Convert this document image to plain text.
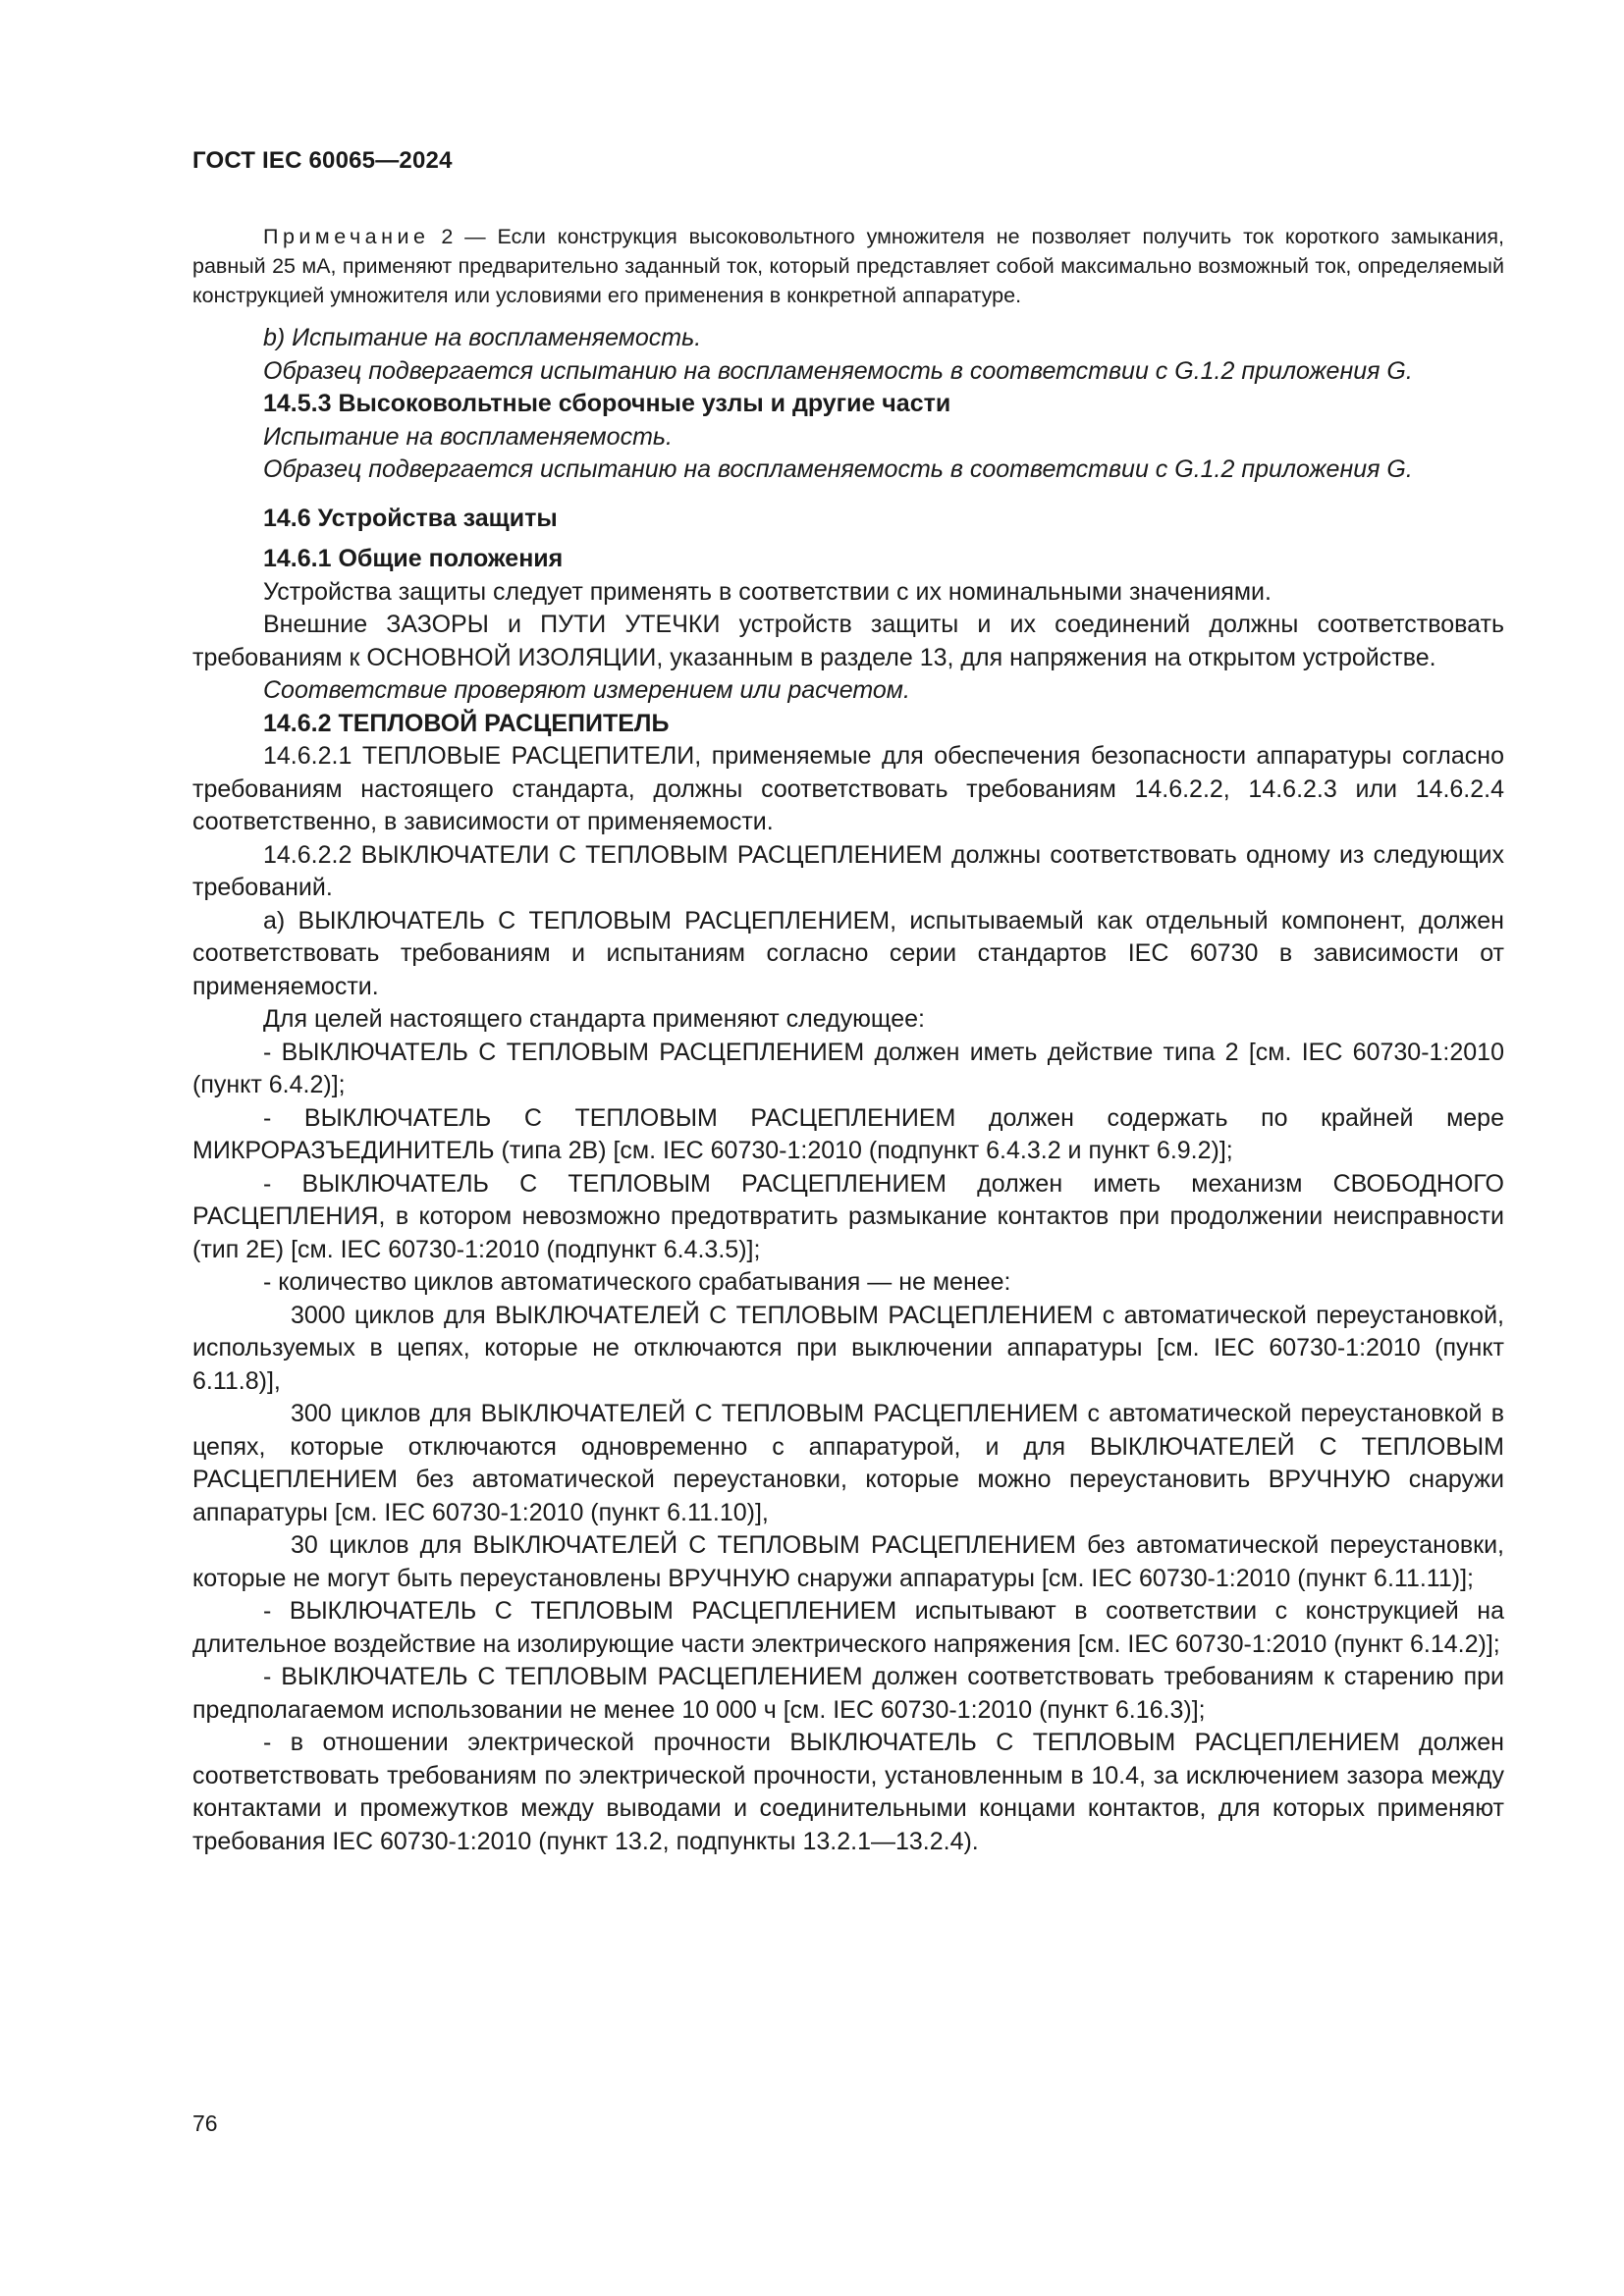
ГОСТ IEC 60065—2024

Примечание 2 — Если конструкция высоковольтного умножителя не позволяет получить ток короткого замыкания, равный 25 мА, применяют предварительно заданный ток, который представляет собой максимально возможный ток, определяемый конструкцией умножителя или условиями его применения в конкретной аппаратуре.

b) Испытание на воспламеняемость.

Образец подвергается испытанию на воспламеняемость в соответствии с G.1.2 приложения G.

14.5.3 Высоковольтные сборочные узлы и другие части

Испытание на воспламеняемость.

Образец подвергается испытанию на воспламеняемость в соответствии с G.1.2 приложения G.

14.6 Устройства защиты

14.6.1 Общие положения

Устройства защиты следует применять в соответствии с их номинальными значениями.

Внешние ЗАЗОРЫ и ПУТИ УТЕЧКИ устройств защиты и их соединений должны соответствовать требованиям к ОСНОВНОЙ ИЗОЛЯЦИИ, указанным в разделе 13, для напряжения на открытом устройстве.

Соответствие проверяют измерением или расчетом.

14.6.2 ТЕПЛОВОЙ РАСЦЕПИТЕЛЬ

14.6.2.1 ТЕПЛОВЫЕ РАСЦЕПИТЕЛИ, применяемые для обеспечения безопасности аппаратуры согласно требованиям настоящего стандарта, должны соответствовать требованиям 14.6.2.2, 14.6.2.3 или 14.6.2.4 соответственно, в зависимости от применяемости.

14.6.2.2 ВЫКЛЮЧАТЕЛИ С ТЕПЛОВЫМ РАСЦЕПЛЕНИЕМ должны соответствовать одному из следующих требований.

a) ВЫКЛЮЧАТЕЛЬ С ТЕПЛОВЫМ РАСЦЕПЛЕНИЕМ, испытываемый как отдельный компонент, должен соответствовать требованиям и испытаниям согласно серии стандартов IEC 60730 в зависимости от применяемости.

Для целей настоящего стандарта применяют следующее:

- ВЫКЛЮЧАТЕЛЬ С ТЕПЛОВЫМ РАСЦЕПЛЕНИЕМ должен иметь действие типа 2 [см. IEC 60730-1:2010 (пункт 6.4.2)];

- ВЫКЛЮЧАТЕЛЬ С ТЕПЛОВЫМ РАСЦЕПЛЕНИЕМ должен содержать по крайней мере МИКРОРАЗЪЕДИНИТЕЛЬ (типа 2В) [см. IEC 60730-1:2010 (подпункт 6.4.3.2 и пункт 6.9.2)];

- ВЫКЛЮЧАТЕЛЬ С ТЕПЛОВЫМ РАСЦЕПЛЕНИЕМ должен иметь механизм СВОБОДНОГО РАСЦЕПЛЕНИЯ, в котором невозможно предотвратить размыкание контактов при продолжении неисправности (тип 2Е) [см. IEC 60730-1:2010 (подпункт 6.4.3.5)];

- количество циклов автоматического срабатывания — не менее:

3000 циклов для ВЫКЛЮЧАТЕЛЕЙ С ТЕПЛОВЫМ РАСЦЕПЛЕНИЕМ с автоматической переустановкой, используемых в цепях, которые не отключаются при выключении аппаратуры [см. IEC 60730-1:2010 (пункт 6.11.8)],

300 циклов для ВЫКЛЮЧАТЕЛЕЙ С ТЕПЛОВЫМ РАСЦЕПЛЕНИЕМ с автоматической переустановкой в цепях, которые отключаются одновременно с аппаратурой, и для ВЫКЛЮЧАТЕЛЕЙ С ТЕПЛОВЫМ РАСЦЕПЛЕНИЕМ без автоматической переустановки, которые можно переустановить ВРУЧНУЮ снаружи аппаратуры [см. IEC 60730-1:2010 (пункт 6.11.10)],

30 циклов для ВЫКЛЮЧАТЕЛЕЙ С ТЕПЛОВЫМ РАСЦЕПЛЕНИЕМ без автоматической переустановки, которые не могут быть переустановлены ВРУЧНУЮ снаружи аппаратуры [см. IEC 60730-1:2010 (пункт 6.11.11)];

- ВЫКЛЮЧАТЕЛЬ С ТЕПЛОВЫМ РАСЦЕПЛЕНИЕМ испытывают в соответствии с конструкцией на длительное воздействие на изолирующие части электрического напряжения [см. IEC 60730-1:2010 (пункт 6.14.2)];

- ВЫКЛЮЧАТЕЛЬ С ТЕПЛОВЫМ РАСЦЕПЛЕНИЕМ должен соответствовать требованиям к старению при предполагаемом использовании не менее 10 000 ч [см. IEC 60730-1:2010 (пункт 6.16.3)];

- в отношении электрической прочности ВЫКЛЮЧАТЕЛЬ С ТЕПЛОВЫМ РАСЦЕПЛЕНИЕМ должен соответствовать требованиям по электрической прочности, установленным в 10.4, за исключением зазора между контактами и промежутков между выводами и соединительными концами контактов, для которых применяют требования IEC 60730-1:2010 (пункт 13.2, подпункты 13.2.1—13.2.4).

76
